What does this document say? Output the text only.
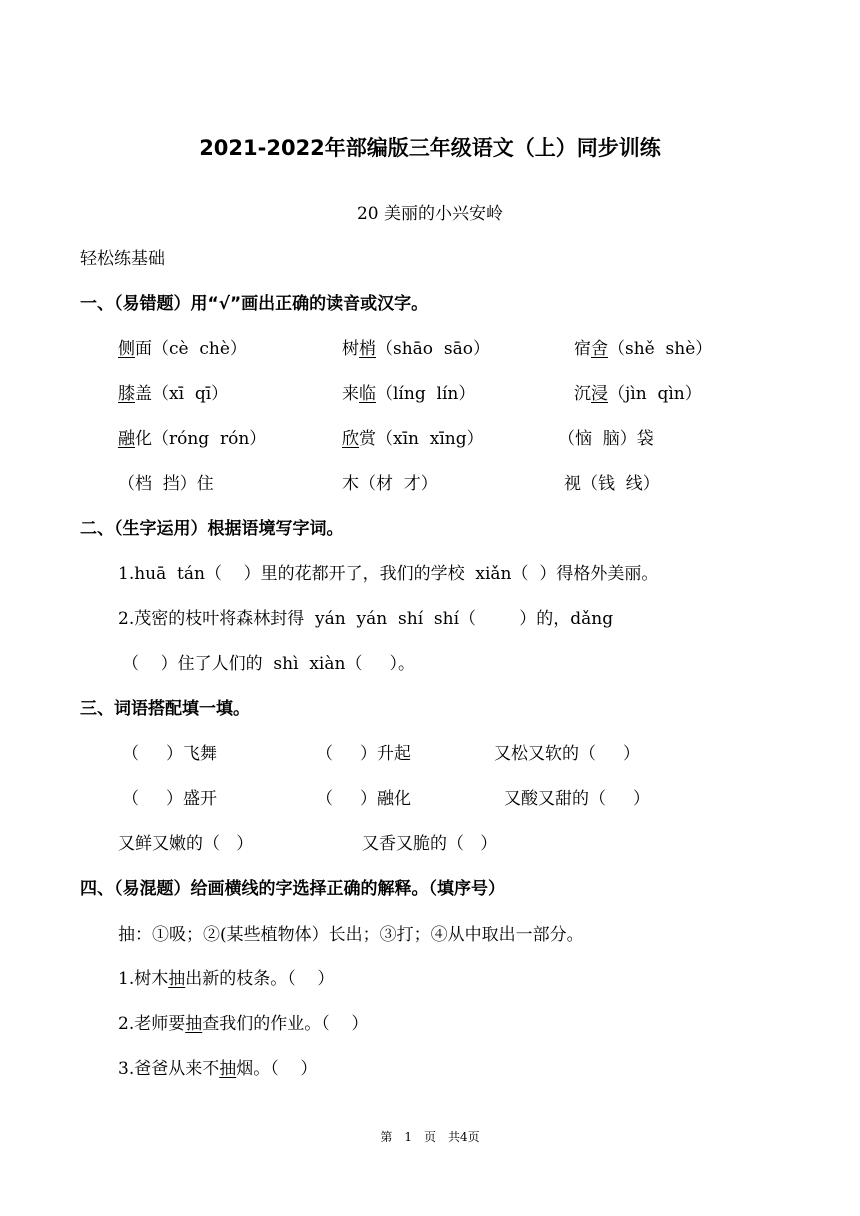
2021-2022年部编版三年级语文（上）同步训练
20 美丽的小兴安岭
轻松练基础
一、（易错题）用“√”画出正确的读音或汉字。
侧面（cè  chè）	树梢（shāo  sāo）	宿舍（shě  shè）
膝盖（xī  qī）	来临（líng  lín）	沉浸（jìn  qìn）
融化（róng  rón）	欣赏（xīn  xīng）	（恼  脑）袋
（档  挡）住	木（材  才）	视（钱  线）
二、（生字运用）根据语境写字词。
1.huā  tán（    ）里的花都开了，我们的学校  xiǎn（  ）得格外美丽。
2.茂密的枝叶将森林封得  yán  yán  shí  shí（        ）的，dǎng
（    ）住了人们的  shì  xiàn（     ）。
三、词语搭配填一填。
（     ）飞舞	（     ）升起	又松又软的（     ）
（     ）盛开	（     ）融化	又酸又甜的（     ）
又鲜又嫩的（   ）	又香又脆的（   ）
四、（易混题）给画横线的字选择正确的解释。（填序号）
抽：①吸；②(某些植物体）长出；③打；④从中取出一部分。
1.树木抽出新的枝条。（    ）
2.老师要抽查我们的作业。（    ）
3.爸爸从来不抽烟。（    ）
第 1 页 共4页
